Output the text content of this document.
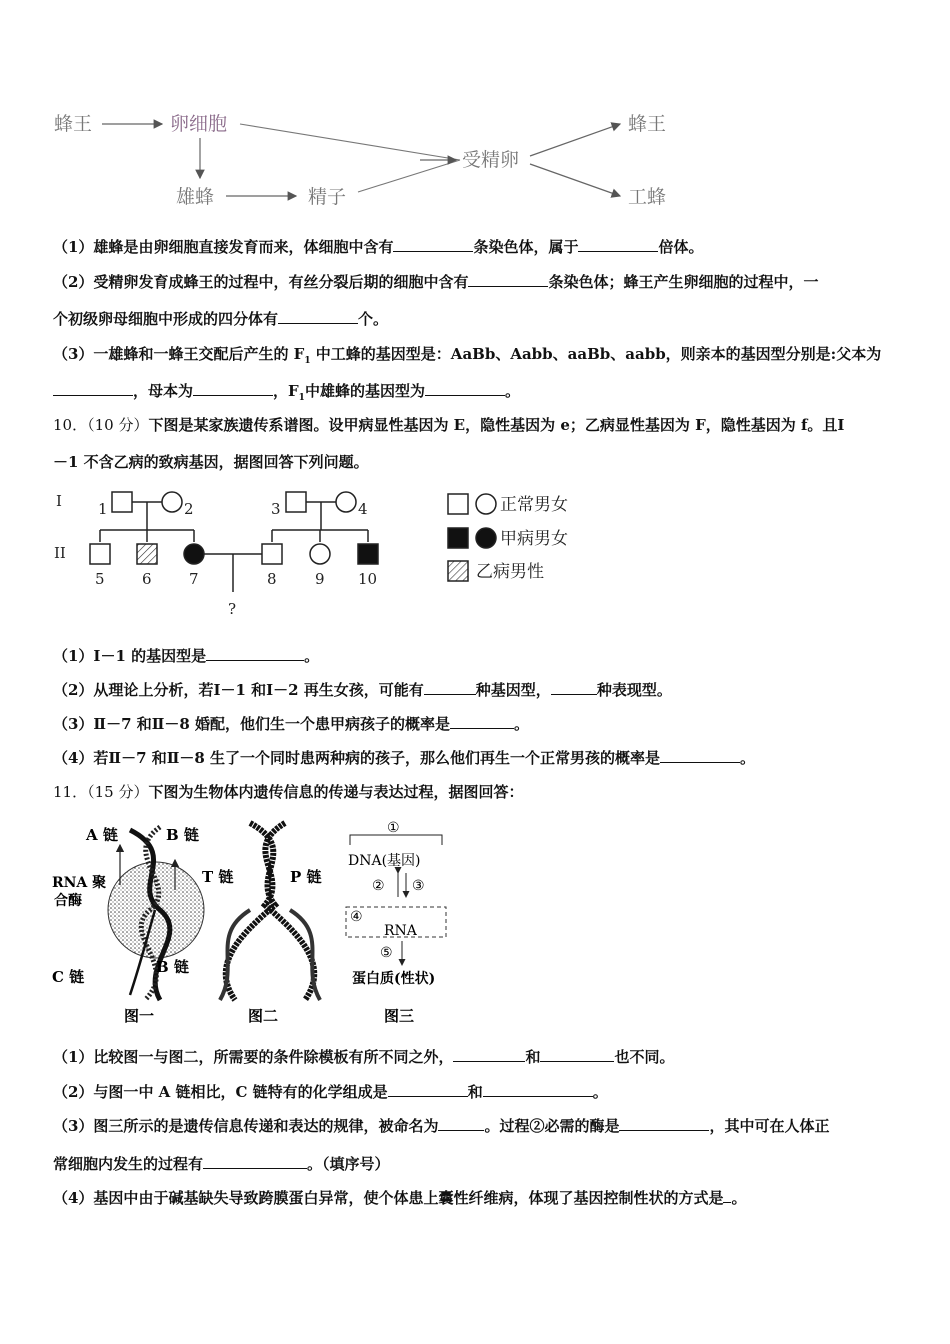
蜂王	卵细胞
雄蜂	精子
受精卵
蜂王
工蜂
（1）雄蜂是由卵细胞直接发育而来，体细胞中含有	条染色体，属于	倍体。
（2）受精卵发育成蜂王的过程中，有丝分裂后期的细胞中含有	条染色体；蜂王产生卵细胞的过程中，一
个初级卵母细胞中形成的四分体有	个。
（3）一雄蜂和一蜂王交配后产生的 $F_1$ 中工蜂的基因型是：AaBb、Aabb、aaBb、aabb，则亲本的基因型分别是:父本为
，母本为	，$F_1$中雄蜂的基因型为	。
10．（10 分）下图是某家族遗传系谱图。设甲病显性基因为 E，隐性基因为 e；乙病显性基因为 F，隐性基因为 f。且Ⅰ
－1 不含乙病的致病基因，据图回答下列问题。
I
II
1	2	3	4
5 6 7	8	9 10
?
正常男女
甲病男女
乙病男性
（1）Ⅰ－1 的基因型是	。
（2）从理论上分析，若Ⅰ－1 和Ⅰ－2 再生女孩，可能有	种基因型，	种表现型。
（3）Ⅱ－7 和Ⅱ－8 婚配，他们生一个患甲病孩子的概率是	。
（4）若Ⅱ－7 和Ⅱ－8 生了一个同时患两种病的孩子，那么他们再生一个正常男孩的概率是	。
11．（15 分）下图为生物体内遗传信息的传递与表达过程，据图回答：
A 链	B 链
RNA 聚
合酶
C 链
B 链
图一
T 链	P 链
图二
①
DNA(基因)
② ③
④
RNA
⑤
蛋白质(性状)
图三
（1）比较图一与图二，所需要的条件除模板有所不同之外，	和	也不同。
（2）与图一中 A 链相比，C 链特有的化学组成是	和	。
（3）图三所示的是遗传信息传递和表达的规律，被命名为	。过程②必需的酶是	，其中可在人体正
常细胞内发生的过程有	。（填序号）
（4）基因中由于碱基缺失导致跨膜蛋白异常，使个体患上囊性纤维病，体现了基因控制性状的方式是 。
